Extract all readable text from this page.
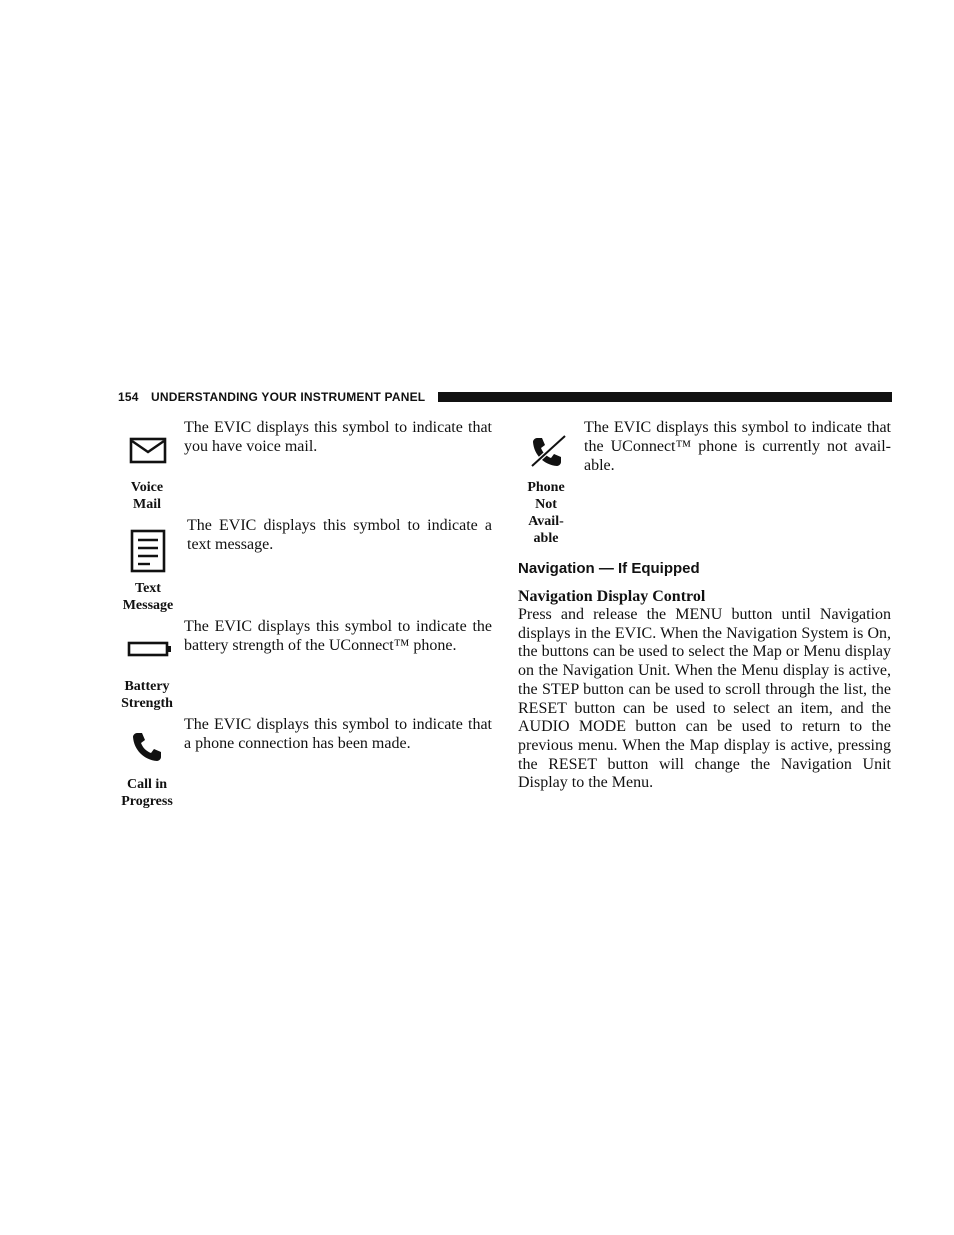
154 UNDERSTANDING YOUR INSTRUMENT PANEL
Voice
Mail
The EVIC displays this symbol to indicate that you have voice mail.
Text
Message
The EVIC displays this symbol to indicate a text message.
Battery
Strength
The EVIC displays this symbol to indicate the battery strength of the UConnect™ phone.
Call in
Progress
The EVIC displays this symbol to indicate that a phone connection has been made.
Phone
Not
Avail-
able
The EVIC displays this symbol to indicate that the UConnect™ phone is currently not avail-able.
Navigation — If Equipped
Navigation Display Control
Press and release the MENU button until Navigation displays in the EVIC. When the Navigation System is On, the buttons can be used to select the Map or Menu display on the Navigation Unit. When the Menu display is active, the STEP button can be used to scroll through the list, the RESET button can be used to select an item, and the AUDIO MODE button can be used to return to the previous menu. When the Map display is active, pressing the RESET button will change the Navigation Unit Display to the Menu.
